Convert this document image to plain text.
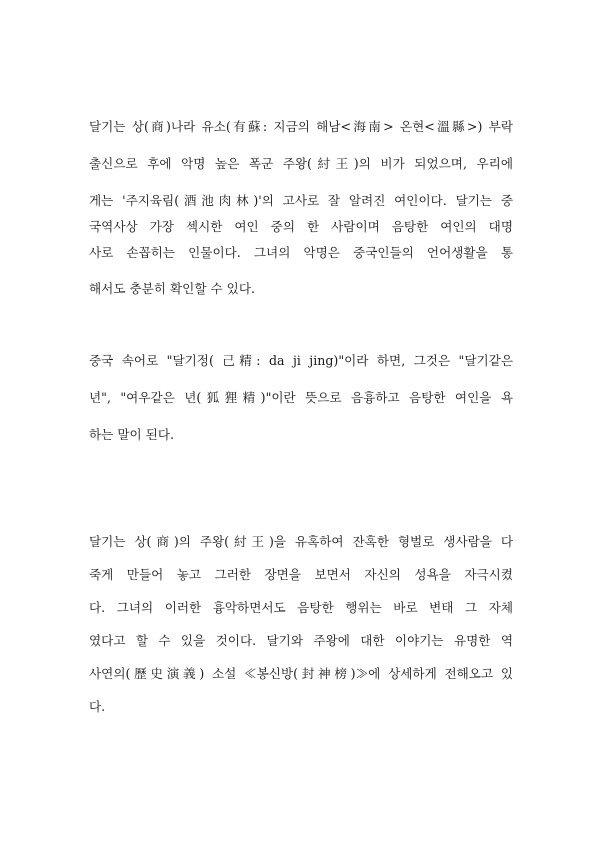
달기는 상(商)나라 유소(有蘇: 지금의 해남<海南> 온현<溫縣>) 부락
출신으로 후에 악명 높은 폭군 주왕(紂王)의 비가 되었으며, 우리에
게는 '주지육림(酒池肉林)'의 고사로 잘 알려진 여인이다. 달기는 중
국역사상 가장 섹시한 여인 중의 한 사람이며 음탕한 여인의 대명
사로 손꼽히는 인물이다. 그녀의 악명은 중국인들의 언어생활을 통
해서도 충분히 확인할 수 있다.
중국 속어로 "달기정( 己精: da ji jing)"이라 하면, 그것은 "달기같은
년", "여우같은 년(狐狸精)"이란 뜻으로 음흉하고 음탕한 여인을 욕
하는 말이 된다.
달기는 상(商)의 주왕(紂王)을 유혹하여 잔혹한 형벌로 생사람을 다
죽게 만들어 놓고 그러한 장면을 보면서 자신의 성욕을 자극시켰
다. 그녀의 이러한 흉악하면서도 음탕한 행위는 바로 변태 그 자체
였다고 할 수 있을 것이다. 달기와 주왕에 대한 이야기는 유명한 역
사연의(歷史演義) 소설 ≪봉신방(封神榜)≫에 상세하게 전해오고 있
다.
